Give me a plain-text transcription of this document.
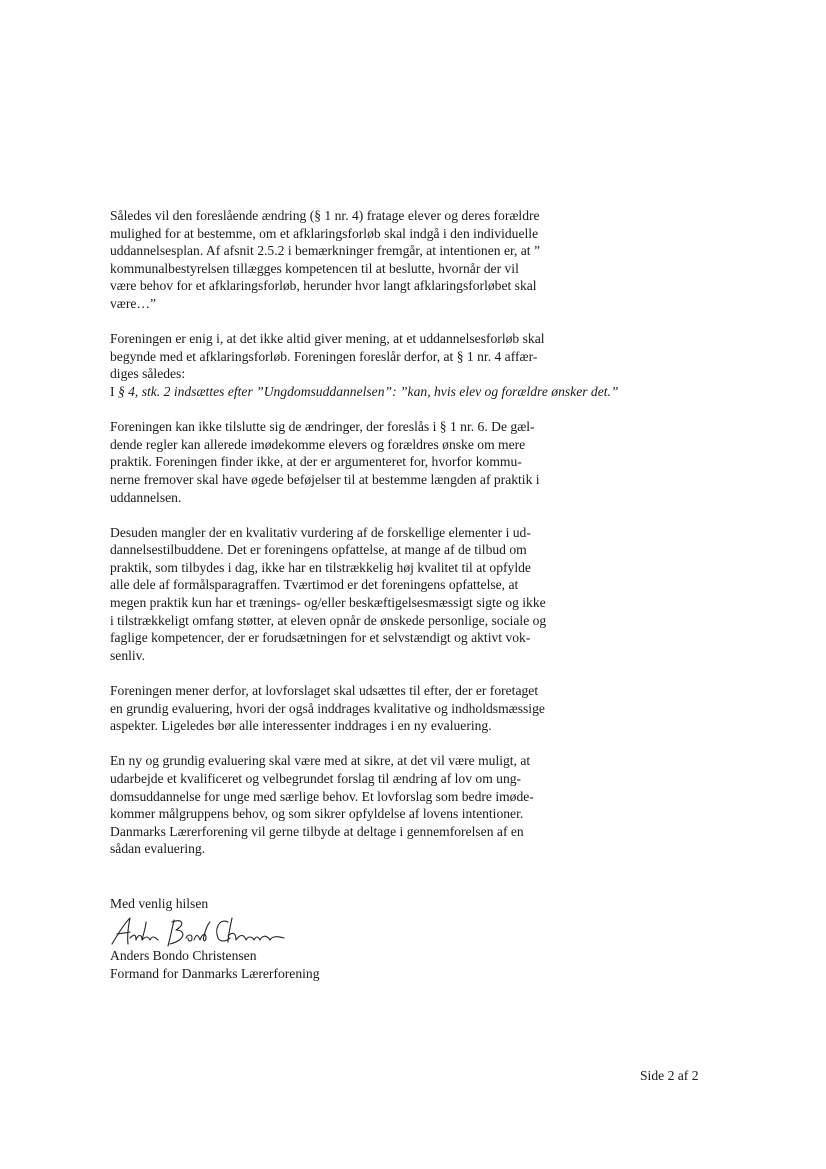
Således vil den foreslående ændring (§ 1 nr. 4) fratage elever og deres forældre
mulighed for at bestemme, om et afklaringsforløb skal indgå i den individuelle
uddannelsesplan. Af afsnit 2.5.2 i bemærkninger fremgår, at intentionen er, at ”
kommunalbestyrelsen tillægges kompetencen til at beslutte, hvornår der vil
være behov for et afklaringsforløb, herunder hvor langt afklaringsforløbet skal
være…”

Foreningen er enig i, at det ikke altid giver mening, at et uddannelsesforløb skal
begynde med et afklaringsforløb. Foreningen foreslår derfor, at § 1 nr. 4 affær-
diges således:
I § 4, stk. 2 indsættes efter ”Ungdomsuddannelsen”: ”kan, hvis elev og forældre ønsker det.”

Foreningen kan ikke tilslutte sig de ændringer, der foreslås i § 1 nr. 6. De gæl-
dende regler kan allerede imødekomme elevers og forældres ønske om mere
praktik. Foreningen finder ikke, at der er argumenteret for, hvorfor kommu-
nerne fremover skal have øgede beføjelser til at bestemme længden af praktik i
uddannelsen.

Desuden mangler der en kvalitativ vurdering af de forskellige elementer i ud-
dannelsestilbuddene. Det er foreningens opfattelse, at mange af de tilbud om
praktik, som tilbydes i dag, ikke har en tilstrækkelig høj kvalitet til at opfylde
alle dele af formålsparagraffen. Tværtimod er det foreningens opfattelse, at
megen praktik kun har et trænings- og/eller beskæftigelsesmæssigt sigte og ikke
i tilstrækkeligt omfang støtter, at eleven opnår de ønskede personlige, sociale og
faglige kompetencer, der er forudsætningen for et selvstændigt og aktivt vok-
senliv.

Foreningen mener derfor, at lovforslaget skal udsættes til efter, der er foretaget
en grundig evaluering, hvori der også inddrages kvalitative og indholdsmæssige
aspekter. Ligeledes bør alle interessenter inddrages i en ny evaluering.

En ny og grundig evaluering skal være med at sikre, at det vil være muligt, at
udarbejde et kvalificeret og velbegrundet forslag til ændring af lov om ung-
domsuddannelse for unge med særlige behov. Et lovforslag som bedre imøde-
kommer målgruppens behov, og som sikrer opfyldelse af lovens intentioner.
Danmarks Lærerforening vil gerne tilbyde at deltage i gennemforelsen af en
sådan evaluering.

Med venlig hilsen
Anders Bondo Christensen
Formand for Danmarks Lærerforening
Side 2 af 2
